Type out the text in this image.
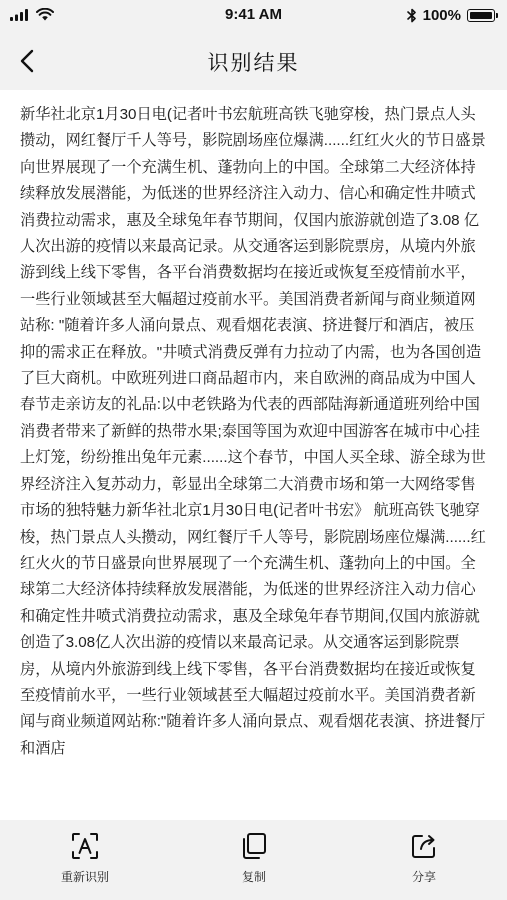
9:41 AM	100%
识别结果

新华社北京1月30日电(记者叶书宏航班高铁飞驰穿梭，热门景点人头攒动，网红餐厅千人等号，影院剧场座位爆满......红红火火的节日盛景向世界展现了一个充满生机、蓬勃向上的中国。全球第二大经济体持续释放发展潜能，为低迷的世界经济注入动力、信心和确定性井喷式消费拉动需求，惠及全球兔年春节期间，仅国内旅游就创造了3.08 亿人次出游的疫情以来最高记录。从交通客运到影院票房，从境内外旅游到线上线下零售，各平台消费数据均在接近或恢复至疫情前水平，一些行业领域甚至大幅超过疫前水平。美国消费者新闻与商业频道网站称: "随着许多人涌向景点、观看烟花表演、挤进餐厅和酒店，被压抑的需求正在释放。"井喷式消费反弹有力拉动了内需，也为各国创造了巨大商机。中欧班列进口商品超市内，来自欧洲的商品成为中国人春节走亲访友的礼品:以中老铁路为代表的西部陆海新通道班列给中国消费者带来了新鲜的热带水果;泰国等国为欢迎中国游客在城市中心挂上灯笼，纷纷推出兔年元素......这个春节，中国人买全球、游全球为世界经济注入复苏动力，彰显出全球第二大消费市场和第一大网络零售市场的独特魅力新华社北京1月30日电(记者叶书宏》 航班高铁飞驰穿梭，热门景点人头攒动，网红餐厅千人等号，影院剧场座位爆满......红红火火的节日盛景向世界展现了一个充满生机、蓬勃向上的中国。全球第二大经济体持续释放发展潜能，为低迷的世界经济注入动力信心和确定性井喷式消费拉动需求，惠及全球兔年春节期间,仅国内旅游就创造了3.08亿人次出游的疫情以来最高记录。从交通客运到影院票房，从境内外旅游到线上线下零售，各平台消费数据均在接近或恢复至疫情前水平，一些行业领域甚至大幅超过疫前水平。美国消费者新闻与商业频道网站称:"随着许多人涌向景点、观看烟花表演、挤进餐厅和酒店

重新识别	复制	分享
